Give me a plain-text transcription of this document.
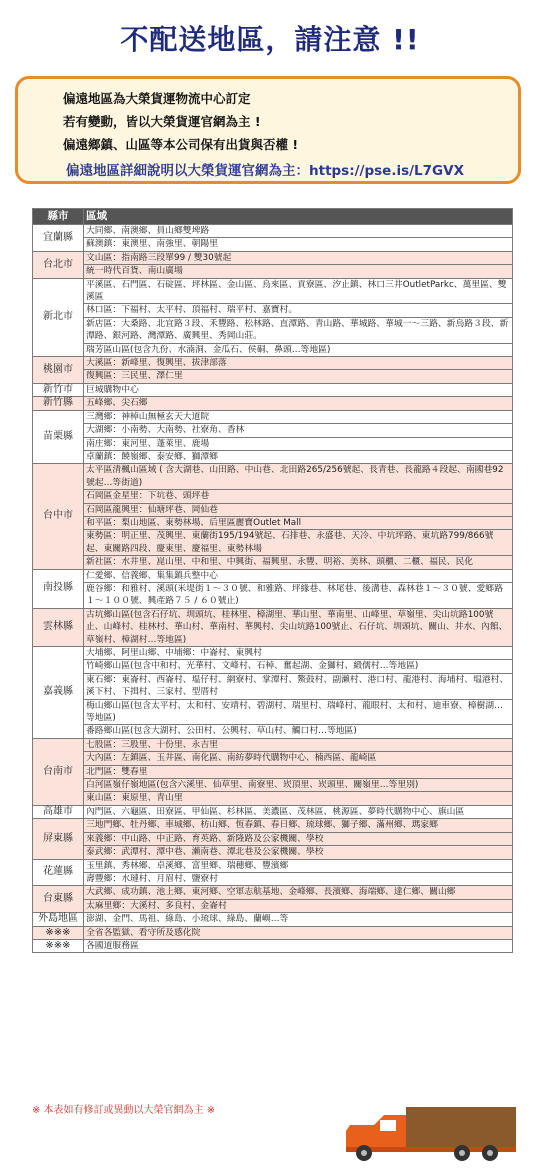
不配送地區，請注意 !!
偏遠地區為大榮貨運物流中心訂定
若有變動，皆以大榮貨運官網為主 !
偏遠鄉鎮、山區等本公司保有出貨與否權 !
偏遠地區詳細說明以大榮貨運官網為主：https://pse.is/L7GVX
縣市	區域
宜蘭縣	大同鄉、南澳鄉、員山鄉雙埤路
	蘇澳鎮：東澳里、南強里、朝陽里
台北市	文山區：指南路三段單99 / 雙30號起
	統一時代百貨、南山廣場
新北市	平溪區、石門區、石碇區、坪林區、金山區、烏來區、貢寮區、汐止鎮、林口三井OutletParkc、萬里區、雙溪區
	林口區：下福村、太平村、頂福村、瑞平村、嘉寶村。
	新店區：大桑路、北宜路３段、禾豐路、松林路、直潭路、青山路、華城路、華城一～三路、新烏路３段、新潭路、銀河路、灣潭路、廣興里、秀岡山莊。
	瑞芳區山區(包含九份、水湳洞、金瓜石、侯硐、鼻頭…等地區)
桃園市	大溪區：新峰里、復興里、拔津部落
	復興區：三民里、澤仁里
新竹市	巨城購物中心
新竹縣	五峰鄉、尖石鄉
苗栗縣	三灣鄉：神棹山無極玄天大道院
	大湖鄉：小南勢、大南勢、社寮角、香林
	南庄鄉：東河里、蓬萊里、鹿場
	卓蘭鎮：饒嶺鄉、泰安鄉、獅潭鄉
台中市	太平區清楓山區域 ( 含大湖巷、山田路、中山巷、北田路265/256號起、長青巷、長龍路４段起、南國巷92號起…等街道)
	石岡區金星里：下坑巷、頭坪巷
	石岡區龍興里：仙塘坪巷、岡仙巷
	和平區：梨山地區、東勢林場、后里區麗寶Outlet Mall
	東勢區：明正里、茂興里、東蘭街195/194號起、石排巷、永盛巷、天冷、中坑坪路、東坑路799/866號起、東關路四段、慶東里、慶福里、東勢林場
	新社區：水井里、崑山里、中和里、中興街、福興里、永豐、明裕、美林、頭櫃、二櫃、福民、民化
南投縣	仁愛鄉、信義鄉、集集鎮兵整中心
	鹿谷鄉：和雅村、溪頭(米堤街１～３０號、和雅路、坪緣巷、林尾巷、後溝巷、森林巷１～３０號、愛鄉路１～１００號、興產路７５ / ６０號止)
雲林縣	古坑鄉山區(包含石仔坑、圳頭坑、桂林里、樟湖里、華山里、華南里、山峰里、草嶺里、尖山坑路100號止、山峰村、桂林村、華山村、華南村、華興村、尖山坑路100號止、石仔坑、圳頭坑、關山、井水、內館、草嶺村、樟湖村…等地區)
嘉義縣	大埔鄉、阿里山鄉、中埔鄉：中崙村、東興村
	竹崎鄉山區(包含中和村、光華村、文峰村、石棹、奮起湖、金獅村、緞儒村…等地區)
	東石鄉：東崙村、西崙村、塭仔村、網寮村、掌潭村、鰲鼓村、副瀨村、港口村、龍港村、海埔村、塭港村、溪下村、下揖村、三家村、型厝村
	梅山鄉山區(包含太平村、太和村、安靖村、碧湖村、瑞里村、瑞峰村、龍眼村、太和村、迪車寮、樟樹湖…等地區)
	番路鄉山區(包含大湖村、公田村、公興村、草山村、觸口村…等地區)
台南市	七股區：三股里、十份里、永吉里
	大內區：左鎮區、玉井區、南化區、南紡夢時代購物中心、楠西區、龍崎區
	北門區：雙春里
	白河區嶺仔嶺地區(包含六溪里、仙草里、南寮里、崁頂里、崁頭里、關嶺里…等里別)
	東山區：東原里、青山里
高雄市	內門區、六龜區、田寮區、甲仙區、杉林區、美濃區、茂林區、桃源區、夢時代購物中心、旗山區
屏東縣	三地門鄉、牡丹鄉、車城鄉、枋山鄉、恆春鎮、春日鄉、琉球鄉、獅子鄉、滿州鄉、瑪家鄉
	來義鄉：中山路、中正路、育英路、新隆路及公家機關、學校
	泰武鄉：武潭村、潭中巷、瀨南巷、潭北巷及公家機關、學校
花蓮縣	玉里鎮、秀林鄉、卓溪鄉、富里鄉、瑞穗鄉、豐濱鄉
	壽豐鄉：水璉村、月眉村、鹽寮村
台東縣	大武鄉、成功鎮、池上鄉、東河鄉、空軍志航基地、金峰鄉、長濱鄉、海端鄉、達仁鄉、關山鄉
	太麻里鄉：大溪村、多良村、金崙村
外島地區	澎湖、金門、馬祖、綠島、小琉球、綠島、蘭嶼…等
※※※	全省各監獄、看守所及感化院
※※※	各國道服務區
※ 本表如有修訂或異動以大榮官網為主 ※
